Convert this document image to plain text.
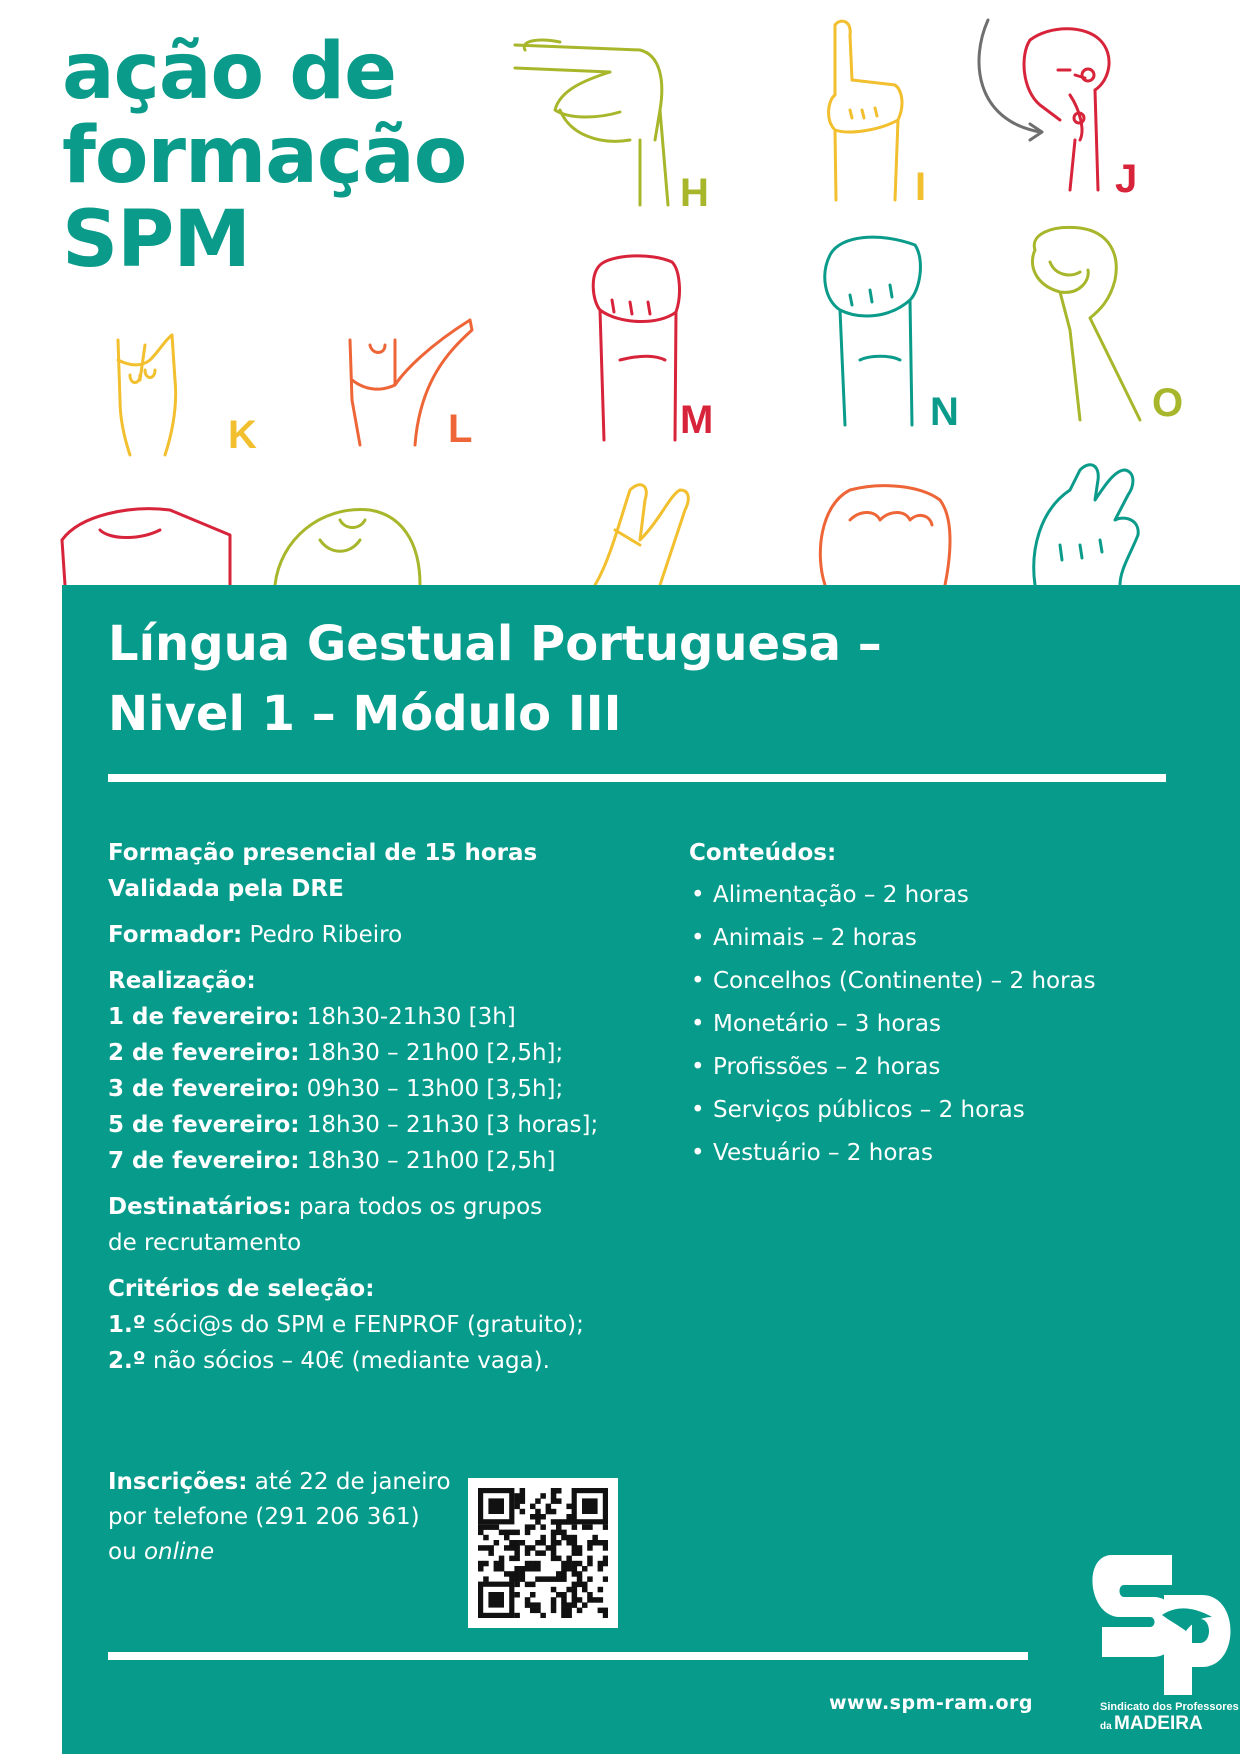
H	I	J
K	L	M	N	O
ação de
formação
SPM
Língua Gestual Portuguesa –
Nivel 1 – Módulo III

Formação presencial de 15 horas
Validada pela DRE

Formador: Pedro Ribeiro

Realização:
1 de fevereiro: 18h30-21h30 [3h]
2 de fevereiro: 18h30 – 21h00 [2,5h];
3 de fevereiro: 09h30 – 13h00 [3,5h];
5 de fevereiro: 18h30 – 21h30 [3 horas];
7 de fevereiro: 18h30 – 21h00 [2,5h]

Destinatários: para todos os grupos
de recrutamento

Critérios de seleção:
1.º sóci@s do SPM e FENPROF (gratuito);
2.º não sócios – 40€ (mediante vaga).

Conteúdos:
• Alimentação – 2 horas
• Animais – 2 horas
• Concelhos (Continente) – 2 horas
• Monetário – 3 horas
• Profissões – 2 horas
• Serviços públicos – 2 horas
• Vestuário – 2 horas
Inscrições: até 22 de janeiro
por telefone (291 206 361)
ou online
www.spm-ram.org
SP
Sindicato dos Professores
da MADEIRA
